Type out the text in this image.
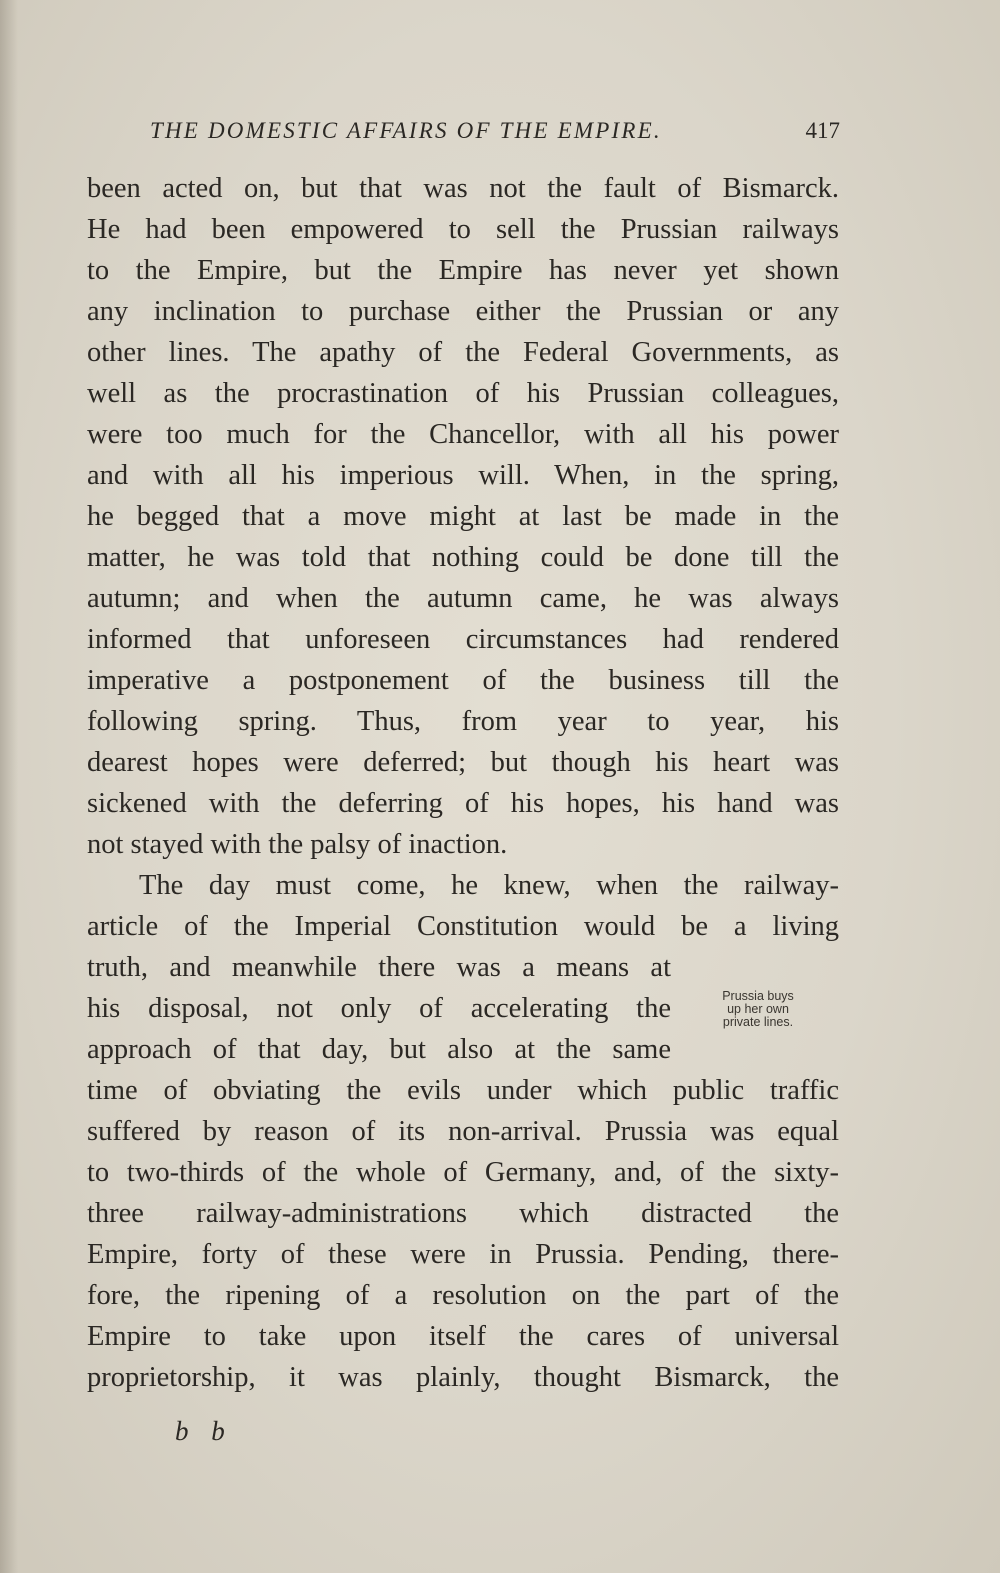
THE DOMESTIC AFFAIRS OF THE EMPIRE.	417
been acted on, but that was not the fault of Bismarck.
He had been empowered to sell the Prussian railways
to the Empire, but the Empire has never yet shown
any inclination to purchase either the Prussian or any
other lines. The apathy of the Federal Governments, as
well as the procrastination of his Prussian colleagues,
were too much for the Chancellor, with all his power
and with all his imperious will. When, in the spring,
he begged that a move might at last be made in the
matter, he was told that nothing could be done till the
autumn; and when the autumn came, he was always
informed that unforeseen circumstances had rendered
imperative a postponement of the business till the
following spring. Thus, from year to year, his
dearest hopes were deferred; but though his heart was
sickened with the deferring of his hopes, his hand was
not stayed with the palsy of inaction.
The day must come, he knew, when the railway-
article of the Imperial Constitution would be a living
truth, and meanwhile there was a means at
his disposal, not only of accelerating the
approach of that day, but also at the same
time of obviating the evils under which public traffic
suffered by reason of its non-arrival. Prussia was equal
to two-thirds of the whole of Germany, and, of the sixty-
three railway-administrations which distracted the
Empire, forty of these were in Prussia. Pending, there-
fore, the ripening of a resolution on the part of the
Empire to take upon itself the cares of universal
proprietorship, it was plainly, thought Bismarck, the
Prussia buys
up her own
private lines.
b b
